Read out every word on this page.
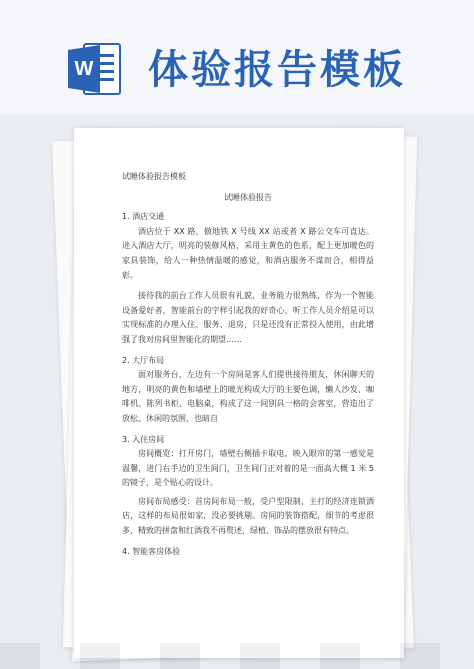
W 体验报告模板

试睡体验报告模板

试睡体验报告

1. 酒店交通

酒店位于 XX 路，倣地铁 X 号线 XX 站或者 X 路公交车可直达。进入酒店大厅，明亮的装修风格，采用主黄色的色系，配上更加暖色的家具装饰，给人一种热情温暖的感觉，和酒店服务不谋而合，相得益彰。

接待我的前台工作人员很有礼貌，业务能力很熟练，作为一个智能设备爱好者，智能前台的字样引起我的好奇心，听工作人员介绍是可以实现标准的办理入住、服务、退房，只是还没有正常投入使用，由此增强了我对房间里智能化的期望……

2. 大厅布局

面对服务台，左边有一个房间是客人们提供接待朋友，休闲聊天的地方，明亮的黄色和墙壁上的暖光构成大厅的主要色调，懒人沙发、咖啡机、陈列书柜、电脑桌，构成了这一间别具一格的会客室，营造出了放松、休闲的氛围，也暗自

3. 入住房间

房间概览：打开房门，墙壁右侧插卡取电，映入眼帘的第一感觉是温馨，进门右手边的卫生间门，卫生间门正对着的是一面高大概 1 米 5 的镜子，是个贴心的设计。

房间布局感受：首房间布局一般，受户型限制，主打的经济连锁酒店，这样的布局很如家，没必要挑剔。房间的装饰搭配，细节的考虑很多，精致的拼盘和红酒我不再赘述，绿植、饰品的摆放很有特点。

4. 智能客房体验
